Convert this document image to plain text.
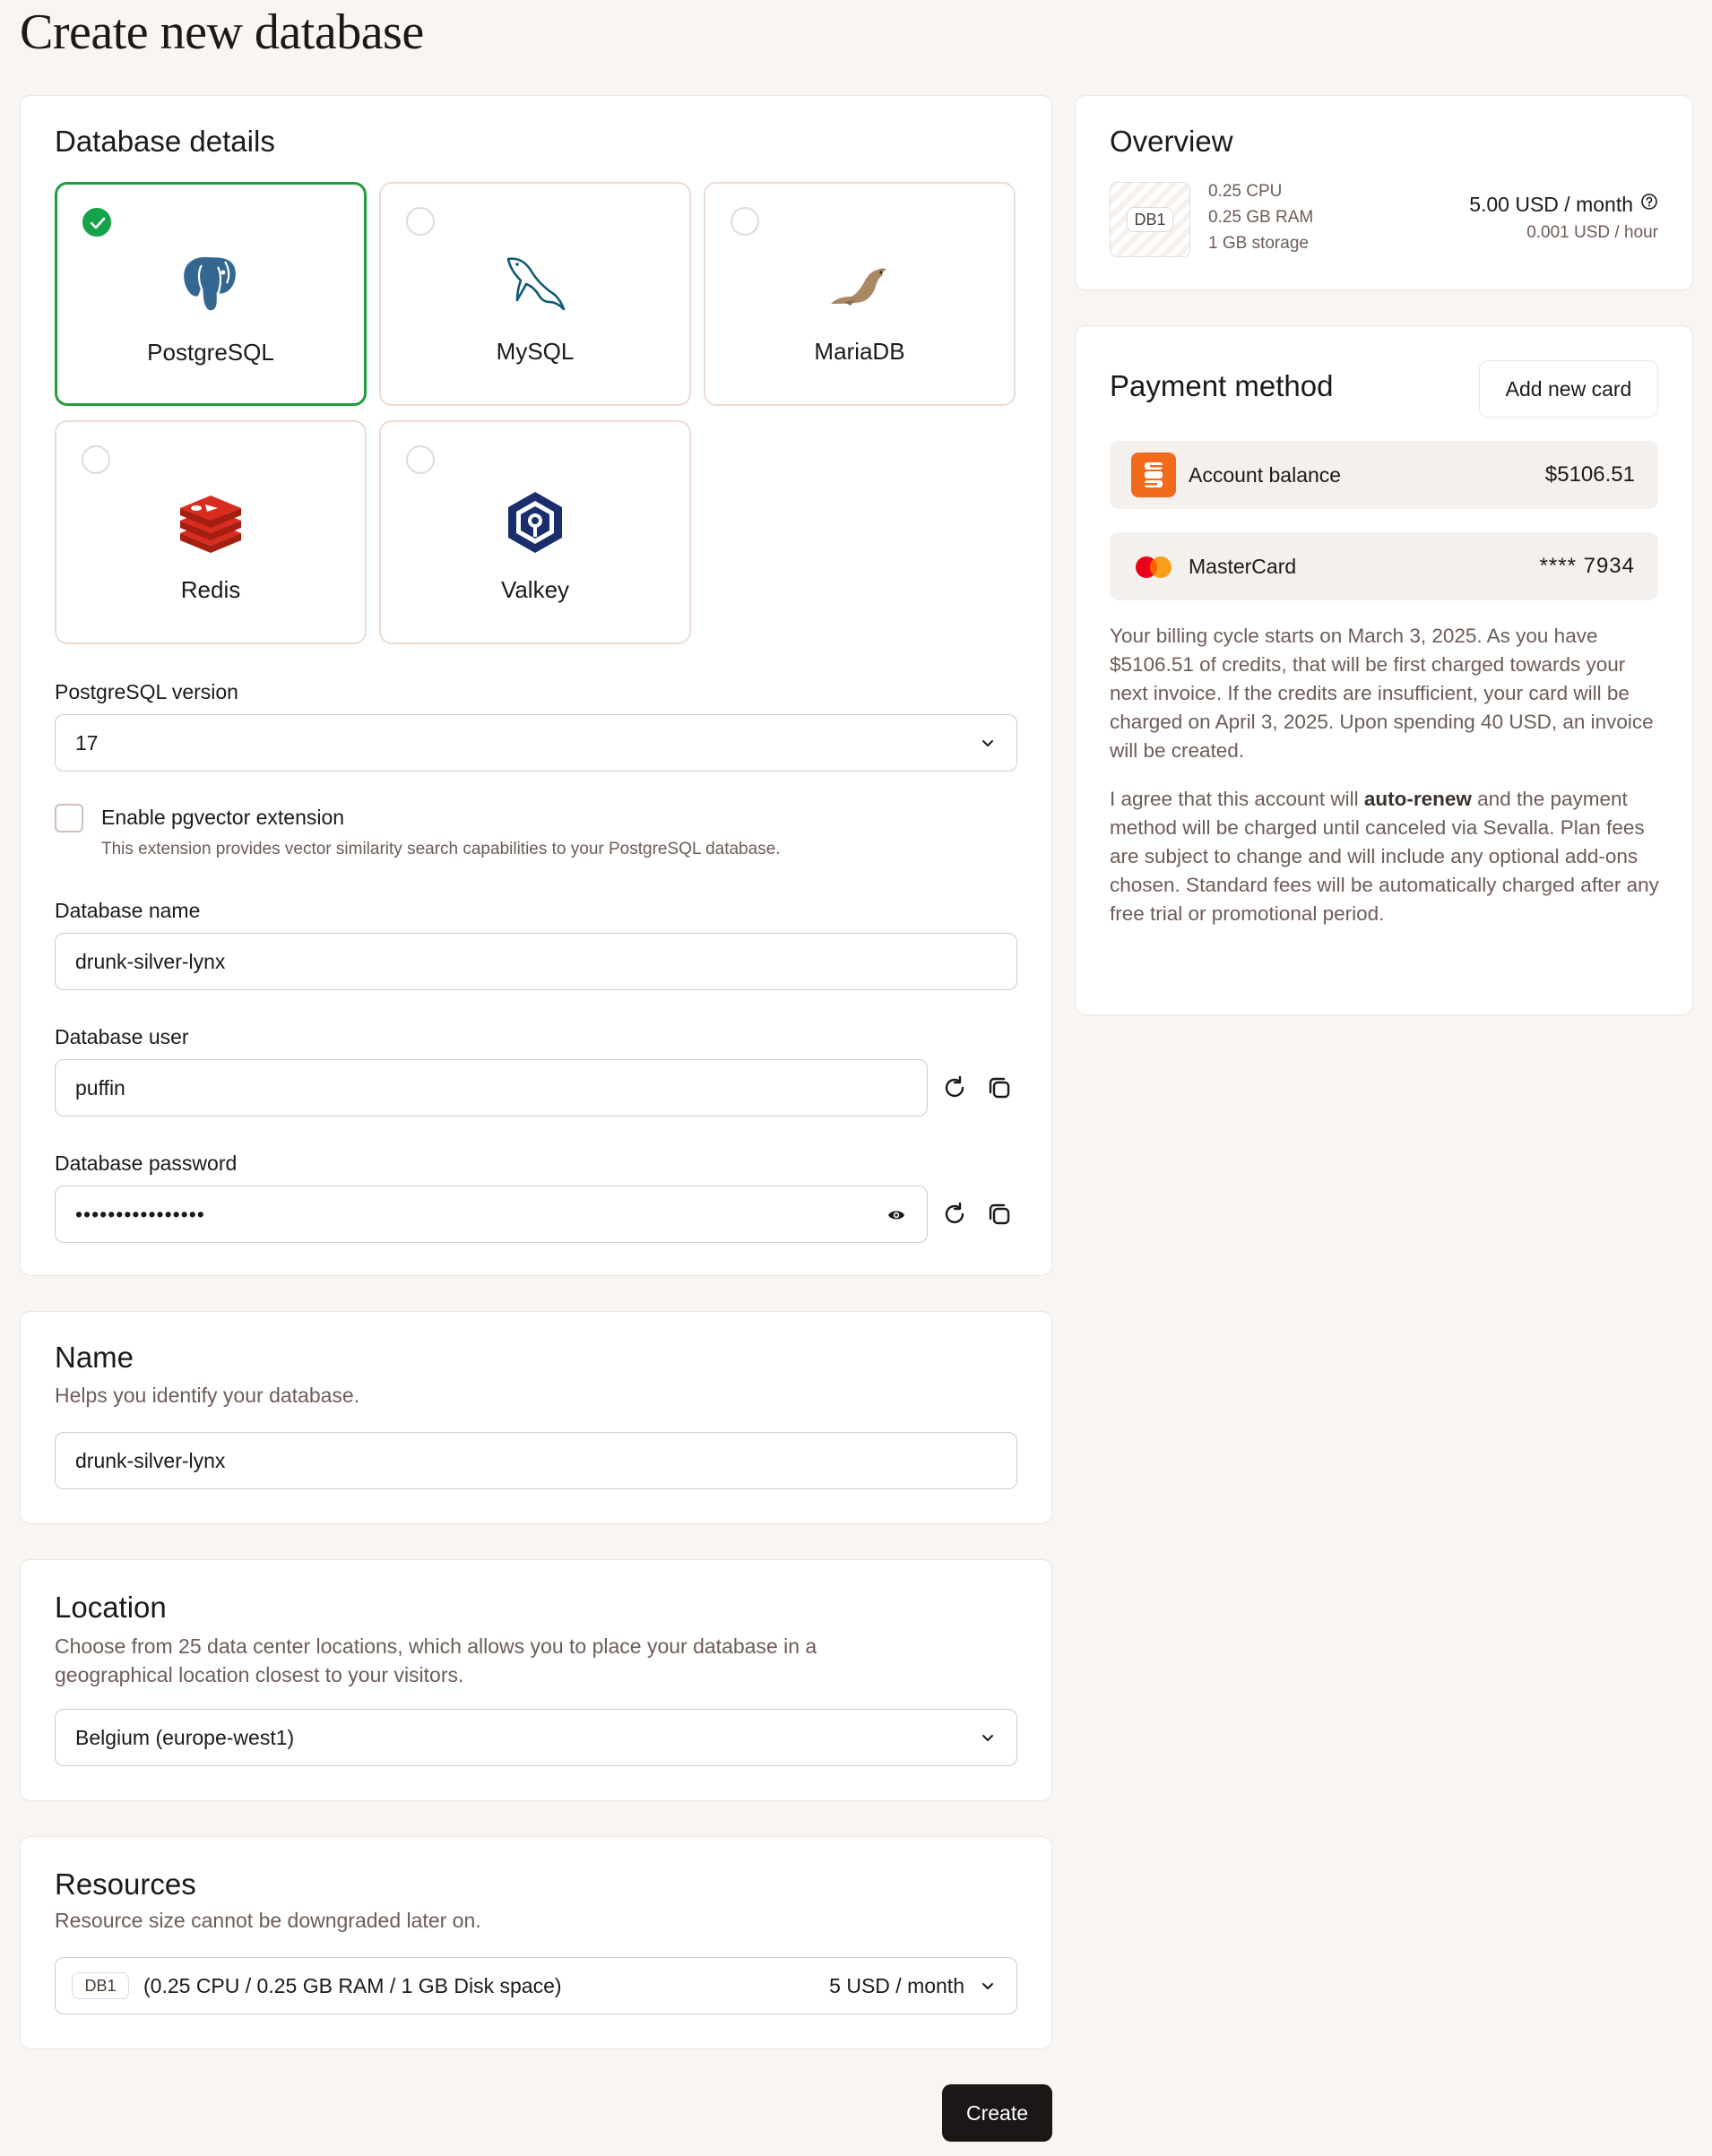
Create new database
Database details
PostgreSQL	MySQL	MariaDB
Redis	Valkey
PostgreSQL version
17
Enable pgvector extension
This extension provides vector similarity search capabilities to your PostgreSQL database.
Database name
drunk-silver-lynx
Database user
puffin
Database password
••••••••••••••••
Name
Helps you identify your database.
drunk-silver-lynx
Location
Choose from 25 data center locations, which allows you to place your database in a geographical location closest to your visitors.
Belgium (europe-west1)
Resources
Resource size cannot be downgraded later on.
DB1	(0.25 CPU / 0.25 GB RAM / 1 GB Disk space)	5 USD / month
Create
Overview
DB1
0.25 CPU
0.25 GB RAM
1 GB storage
5.00 USD / month
0.001 USD / hour
Payment method	Add new card
Account balance	$5106.51
MasterCard	**** 7934
Your billing cycle starts on March 3, 2025. As you have $5106.51 of credits, that will be first charged towards your next invoice. If the credits are insufficient, your card will be charged on April 3, 2025. Upon spending 40 USD, an invoice will be created.
I agree that this account will auto-renew and the payment method will be charged until canceled via Sevalla. Plan fees are subject to change and will include any optional add-ons chosen. Standard fees will be automatically charged after any free trial or promotional period.
